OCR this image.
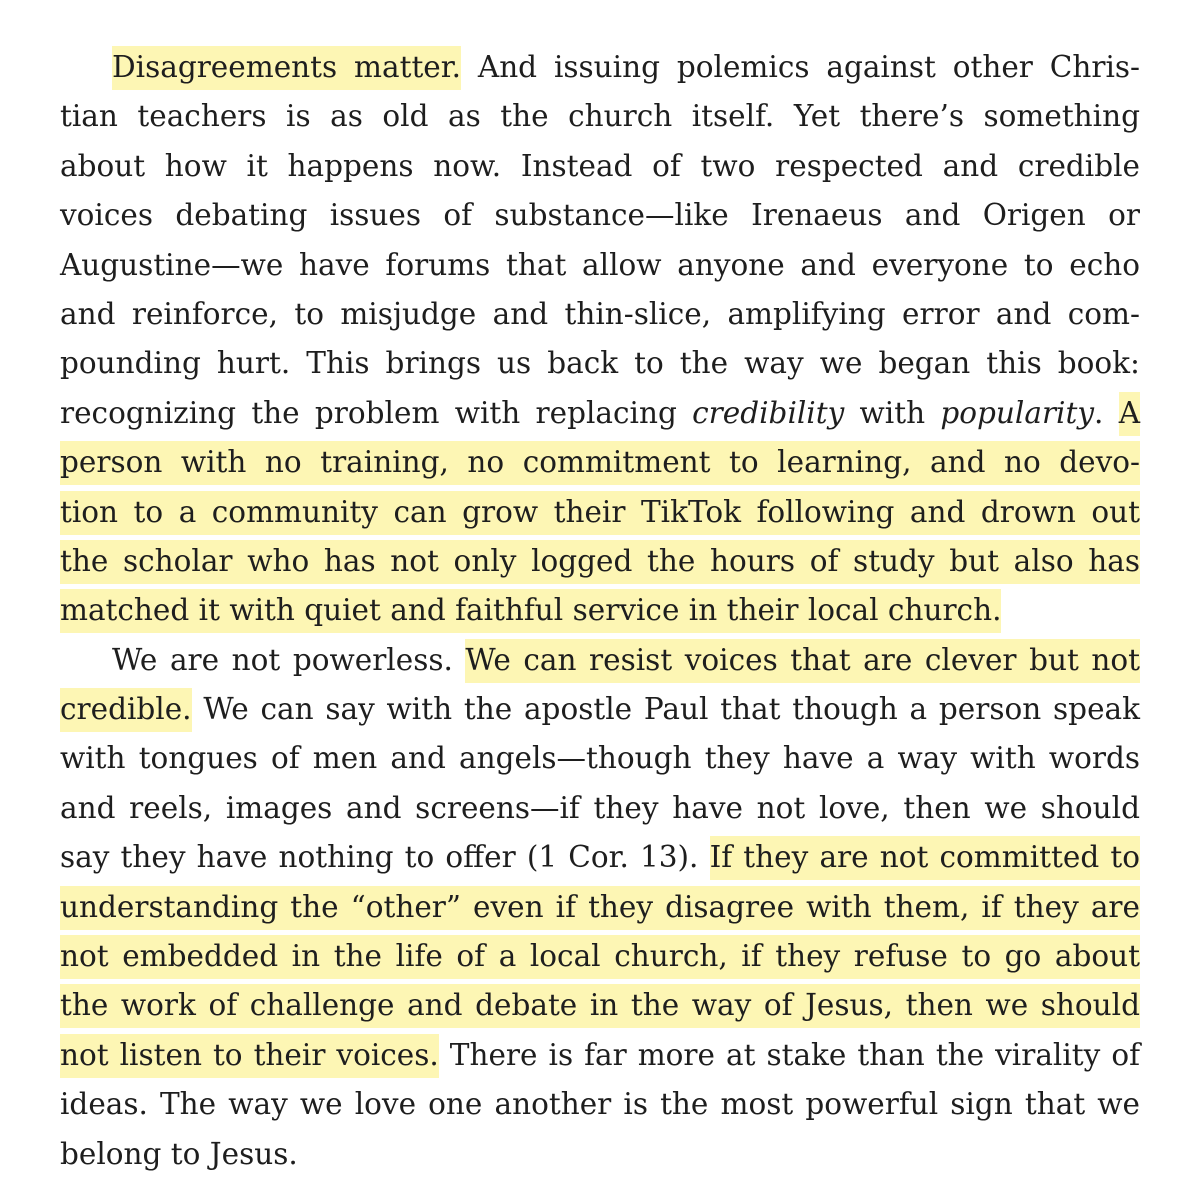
Disagreements matter. And issuing polemics against other Chris-
tian teachers is as old as the church itself. Yet there’s something
about how it happens now. Instead of two respected and credible
voices debating issues of substance—like Irenaeus and Origen or
Augustine—we have forums that allow anyone and everyone to echo
and reinforce, to misjudge and thin-slice, amplifying error and com-
pounding hurt. This brings us back to the way we began this book:
recognizing the problem with replacing credibility with popularity. A
person with no training, no commitment to learning, and no devo-
tion to a community can grow their TikTok following and drown out
the scholar who has not only logged the hours of study but also has
matched it with quiet and faithful service in their local church.
We are not powerless. We can resist voices that are clever but not
credible. We can say with the apostle Paul that though a person speak
with tongues of men and angels—though they have a way with words
and reels, images and screens—if they have not love, then we should
say they have nothing to offer (1 Cor. 13). If they are not committed to
understanding the “other” even if they disagree with them, if they are
not embedded in the life of a local church, if they refuse to go about
the work of challenge and debate in the way of Jesus, then we should
not listen to their voices. There is far more at stake than the virality of
ideas. The way we love one another is the most powerful sign that we
belong to Jesus.
